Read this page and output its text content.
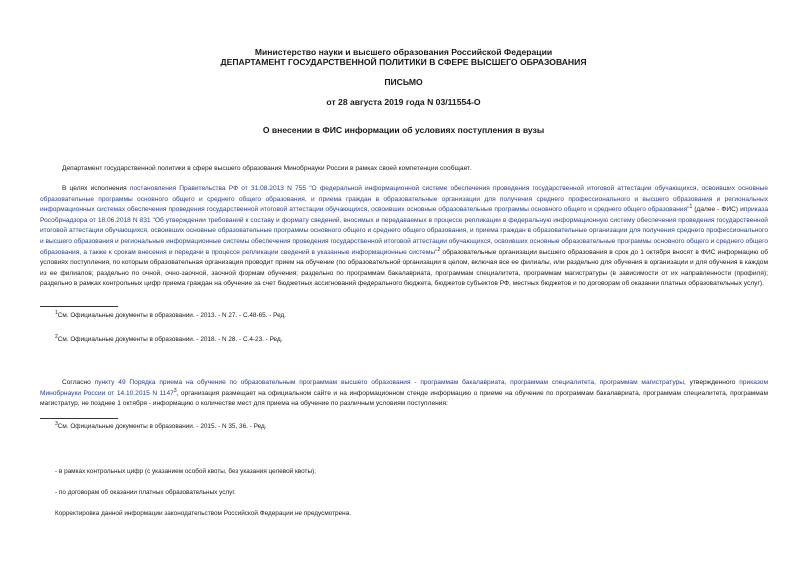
Министерство науки и высшего образования Российской Федерации
ДЕПАРТАМЕНТ ГОСУДАРСТВЕННОЙ ПОЛИТИКИ В СФЕРЕ ВЫСШЕГО ОБРАЗОВАНИЯ
ПИСЬМО
от 28 августа 2019 года N 03/11554-О
О внесении в ФИС информации об условиях поступления в вузы
Департамент государственной политики в сфере высшего образования Минобрнауки России в рамках своей компетенции сообщает.
В целях исполнения постановления Правительства РФ от 31.08.2013 N 755 "О федеральной информационной системе обеспечения проведения государственной итоговой аттестации обучающихся, освоивших основные образовательные программы основного общего и среднего общего образования, и приема граждан в образовательные организации для получения среднего профессионального и высшего образования и региональных информационных системах обеспечения проведения государственной итоговой аттестации обучающихся, освоивших основные образовательные программы основного общего и среднего общего образования"$^1$ (далее - ФИС) иприказа Рособрнадзора от 18.06.2018 N 831 "Об утверждении требований к составу и формату сведений, вносимых и передаваемых в процессе репликации в федеральную информационную систему обеспечения проведения государственной итоговой аттестации обучающихся, освоивших основные образовательные программы основного общего и среднего общего образования, и приема граждан в образовательные организации для получения среднего профессионального и высшего образования и региональные информационные системы обеспечения проведения государственной итоговой аттестации обучающихся, освоивших основные образовательные программы основного общего и среднего общего образования, а также к срокам внесения и передачи в процессе репликации сведений в указанные информационные системы"$^2$ образовательные организации высшего образования в срок до 1 октября вносят в ФИС информацию об условиях поступления, по которым образовательная организация проводит прием на обучение (по образовательной организации в целом, включая все ее филиалы, или раздельно для обучения в организации и для обучения в каждом из ее филиалов; раздельно по очной, очно-заочной, заочной формам обучения; раздельно по программам бакалавриата, программам специалитета, программам магистратуры (в зависимости от их направленности (профиля); раздельно в рамках контрольных цифр приема граждан на обучение за счет бюджетных ассигнований федерального бюджета, бюджетов субъектов РФ, местных бюджетов и по договорам об оказании платных образовательных услуг).
$^1$См. Официальные документы в образовании. - 2013. - N 27. - С.48-65. - Ред.
$^2$См. Официальные документы в образовании. - 2018. - N 28. - С.4-23. - Ред.
Согласно пункту 49 Порядка приема на обучение по образовательным программам высшего образования - программам бакалавриата, программам специалитета, программам магистратуры, утвержденного приказом Минобрнауки России от 14.10.2015 N 1147$^3$, организация размещает на официальном сайте и на информационном стенде информацию о приеме на обучение по программам бакалавриата, программам специалитета, программам магистратур, не позднее 1 октября - информацию о количестве мест для приема на обучение по различным условиям поступления:
$^3$См. Официальные документы в образовании. - 2015. - N 35, 36. - Ред.
- в рамках контрольных цифр (с указанием особой квоты, без указания целевой квоты);
- по договорам об оказании платных образовательных услуг.
Корректировка данной информации законодательством Российской Федерации не предусмотрена.
